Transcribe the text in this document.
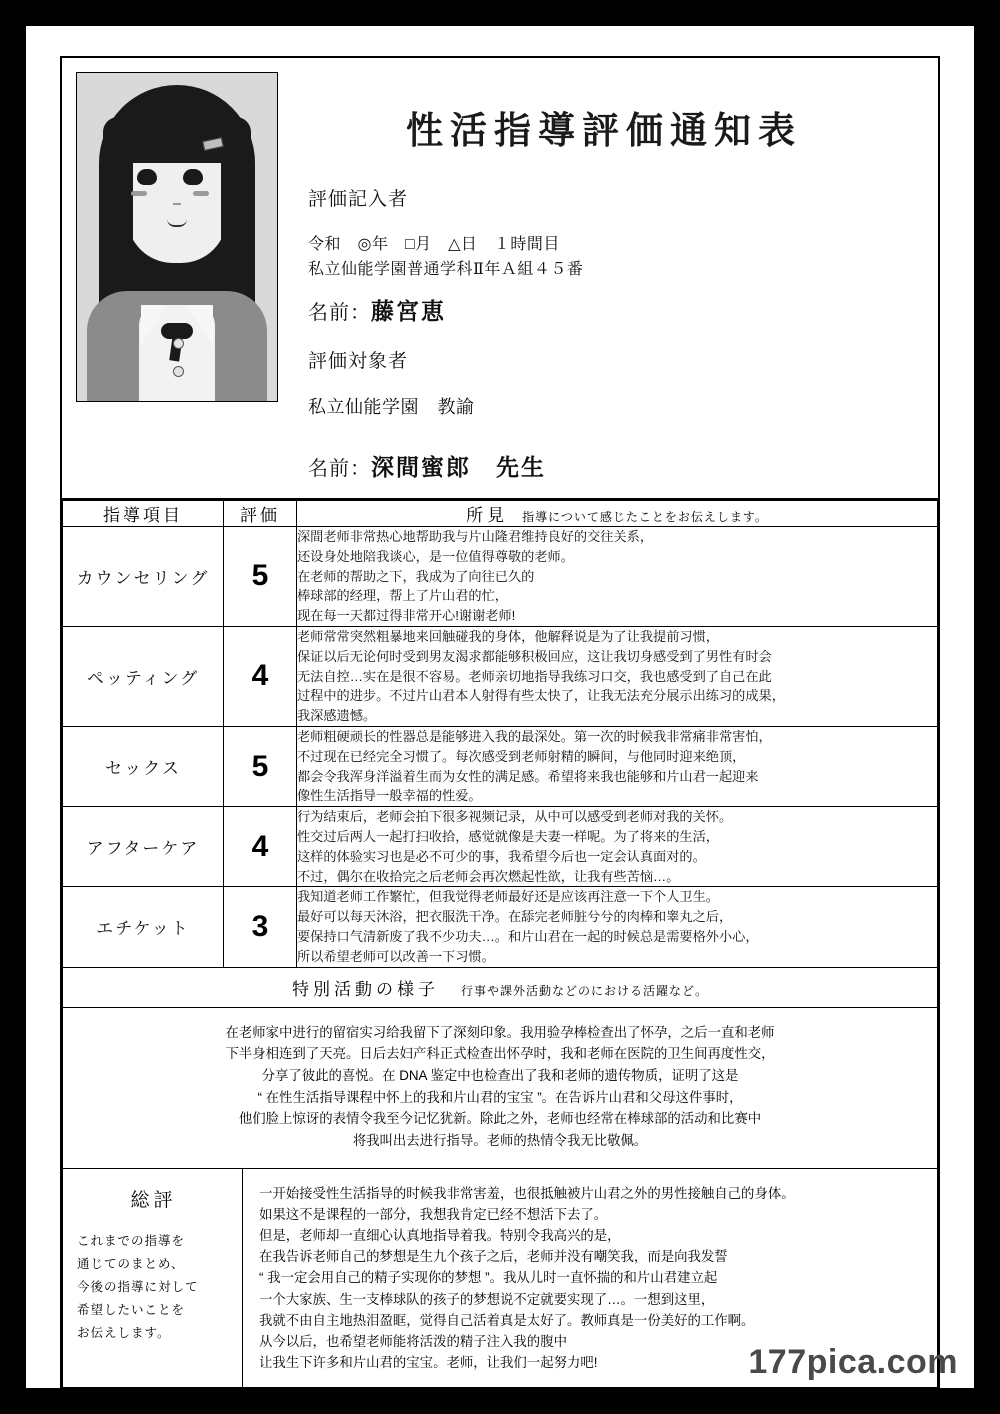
性活指導評価通知表
評価記入者
令和　◎年　□月　△日　１時間目
私立仙能学園普通学科Ⅱ年Ａ組４５番
名前：藤宮恵
評価対象者
私立仙能学園　教諭
名前：深間蜜郎　先生
指導項目	評価	所見 指導について感じたことをお伝えします。

カウンセリング	5	深間老师非常热心地帮助我与片山隆君维持良好的交往关系，
还设身处地陪我谈心，是一位值得尊敬的老师。
在老师的帮助之下，我成为了向往已久的
棒球部的经理，帮上了片山君的忙，
现在每一天都过得非常开心!谢谢老师!

ペッティング	4	老师常常突然粗暴地来回触碰我的身体，他解释说是为了让我提前习惯，
保证以后无论何时受到男友渴求都能够积极回应，这让我切身感受到了男性有时会
无法自控…实在是很不容易。老师亲切地指导我练习口交，我也感受到了自己在此
过程中的进步。不过片山君本人射得有些太快了，让我无法充分展示出练习的成果，
我深感遗憾。

セックス	5	老师粗硬顽长的性器总是能够进入我的最深处。第一次的时候我非常痛非常害怕，
不过现在已经完全习惯了。每次感受到老师射精的瞬间，与他同时迎来绝顶，
都会令我浑身洋溢着生而为女性的满足感。希望将来我也能够和片山君一起迎来
像性生活指导一般幸福的性爱。

アフターケア	4	行为结束后，老师会拍下很多视频记录，从中可以感受到老师对我的关怀。
性交过后两人一起打扫收拾，感觉就像是夫妻一样呢。为了将来的生活，
这样的体验实习也是必不可少的事，我希望今后也一定会认真面对的。
不过，偶尔在收拾完之后老师会再次燃起性欲，让我有些苦恼…。

エチケット	3	我知道老师工作繁忙，但我觉得老师最好还是应该再注意一下个人卫生。
最好可以每天沐浴，把衣服洗干净。在舔完老师脏兮兮的肉棒和睾丸之后，
要保持口气清新废了我不少功夫…。和片山君在一起的时候总是需要格外小心，
所以希望老师可以改善一下习惯。
特別活動の様子 行事や課外活動などのにおける活躍など。
在老师家中进行的留宿实习给我留下了深刻印象。我用验孕棒检查出了怀孕，之后一直和老师
下半身相连到了天亮。日后去妇产科正式检查出怀孕时，我和老师在医院的卫生间再度性交，
分享了彼此的喜悦。在 DNA 鉴定中也检查出了我和老师的遗传物质，证明了这是
“ 在性生活指导课程中怀上的我和片山君的宝宝 ”。在告诉片山君和父母这件事时，
他们脸上惊讶的表情令我至今记忆犹新。除此之外，老师也经常在棒球部的活动和比赛中
将我叫出去进行指导。老师的热情令我无比敬佩。
総評
これまでの指導を
通じてのまとめ、
今後の指導に対して
希望したいことを
お伝えします。
一开始接受性生活指导的时候我非常害羞，也很抵触被片山君之外的男性接触自己的身体。
如果这不是课程的一部分，我想我肯定已经不想活下去了。
但是，老师却一直细心认真地指导着我。特别令我高兴的是，
在我告诉老师自己的梦想是生九个孩子之后，老师并没有嘲笑我，而是向我发誓
“ 我一定会用自己的精子实现你的梦想 ”。我从儿时一直怀揣的和片山君建立起
一个大家族、生一支棒球队的孩子的梦想说不定就要实现了…。一想到这里，
我就不由自主地热泪盈眶，觉得自己活着真是太好了。教师真是一份美好的工作啊。
从今以后，也希望老师能将活泼的精子注入我的腹中
让我生下许多和片山君的宝宝。老师，让我们一起努力吧!	177pica.com
